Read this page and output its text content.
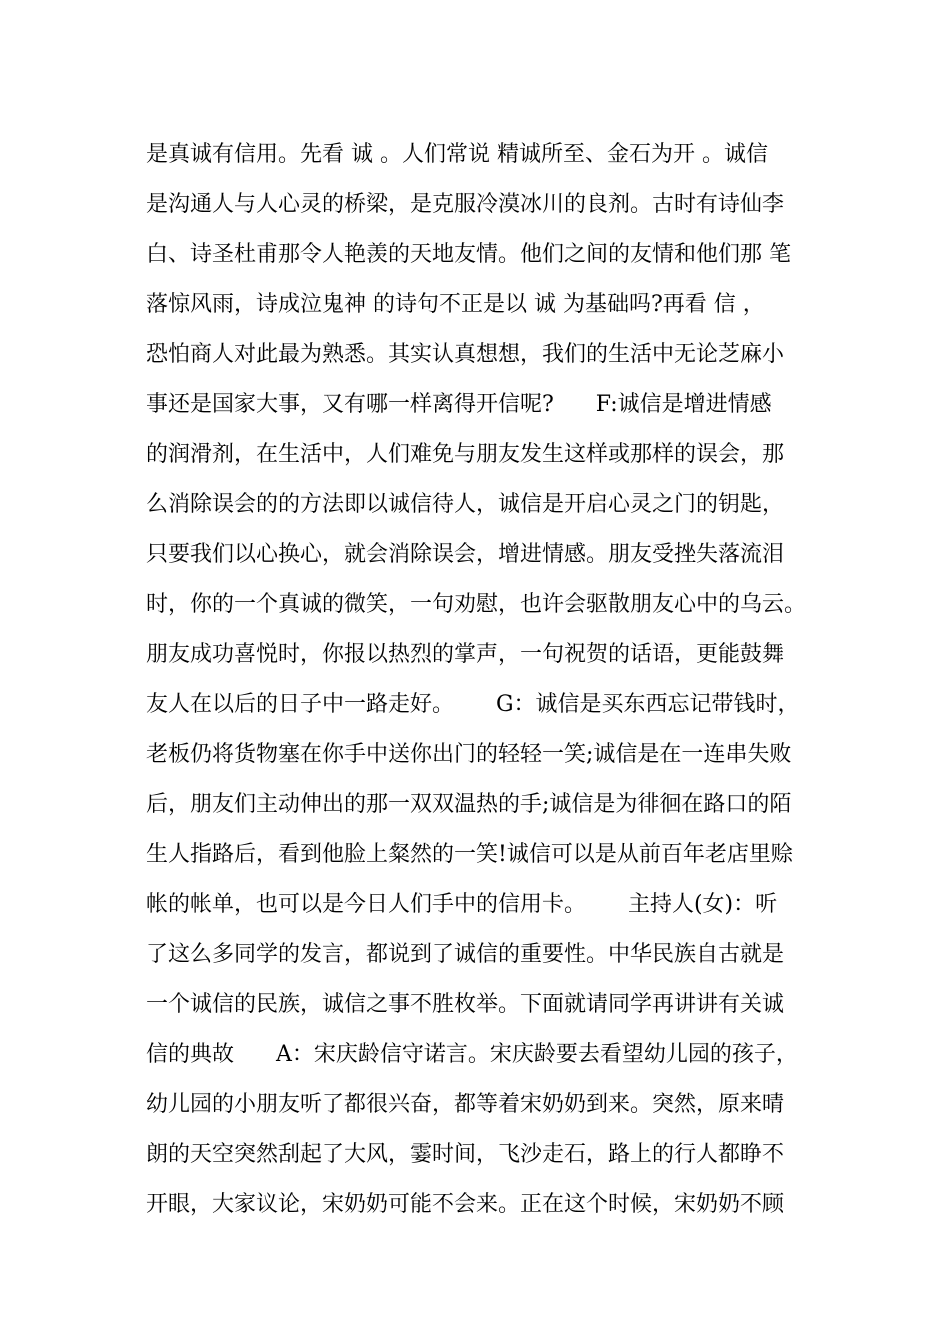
是真诚有信用。先看 诚 。人们常说 精诚所至、金石为开 。诚信
是沟通人与人心灵的桥梁，是克服冷漠冰川的良剂。古时有诗仙李
白、诗圣杜甫那令人艳羡的天地友情。他们之间的友情和他们那 笔
落惊风雨，诗成泣鬼神 的诗句不正是以 诚 为基础吗?再看 信 ，
恐怕商人对此最为熟悉。其实认真想想，我们的生活中无论芝麻小
事还是国家大事，又有哪一样离得开信呢?      F:诚信是增进情感
的润滑剂，在生活中，人们难免与朋友发生这样或那样的误会，那
么消除误会的的方法即以诚信待人，诚信是开启心灵之门的钥匙，
只要我们以心换心，就会消除误会，增进情感。朋友受挫失落流泪
时，你的一个真诚的微笑，一句劝慰，也许会驱散朋友心中的乌云。
朋友成功喜悦时，你报以热烈的掌声，一句祝贺的话语，更能鼓舞
友人在以后的日子中一路走好。      G：诚信是买东西忘记带钱时，
老板仍将货物塞在你手中送你出门的轻轻一笑;诚信是在一连串失败
后，朋友们主动伸出的那一双双温热的手;诚信是为徘徊在路口的陌
生人指路后，看到他脸上粲然的一笑!诚信可以是从前百年老店里赊
帐的帐单，也可以是今日人们手中的信用卡。      主持人(女)：听
了这么多同学的发言，都说到了诚信的重要性。中华民族自古就是
一个诚信的民族，诚信之事不胜枚举。下面就请同学再讲讲有关诚
信的典故      A：宋庆龄信守诺言。宋庆龄要去看望幼儿园的孩子，
幼儿园的小朋友听了都很兴奋，都等着宋奶奶到来。突然，原来晴
朗的天空突然刮起了大风，霎时间，飞沙走石，路上的行人都睁不
开眼，大家议论，宋奶奶可能不会来。正在这个时候，宋奶奶不顾
